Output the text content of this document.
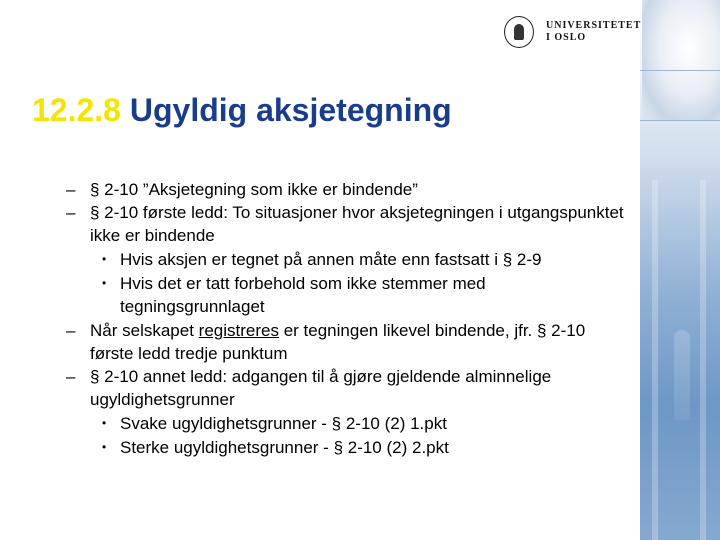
UNIVERSITETET
I OSLO
12.2.8 Ugyldig aksjetegning
– § 2-10 ”Aksjetegning som ikke er bindende”
– § 2-10 første ledd: To situasjoner hvor aksjetegningen i utgangspunktet ikke er bindende
• Hvis aksjen er tegnet på annen måte enn fastsatt i § 2-9
• Hvis det er tatt forbehold som ikke stemmer med tegningsgrunnlaget
– Når selskapet registreres er tegningen likevel bindende, jfr. § 2-10 første ledd tredje punktum
– § 2-10 annet ledd: adgangen til å gjøre gjeldende alminnelige ugyldighetsgrunner
• Svake ugyldighetsgrunner - § 2-10 (2) 1.pkt
• Sterke ugyldighetsgrunner - § 2-10 (2) 2.pkt
